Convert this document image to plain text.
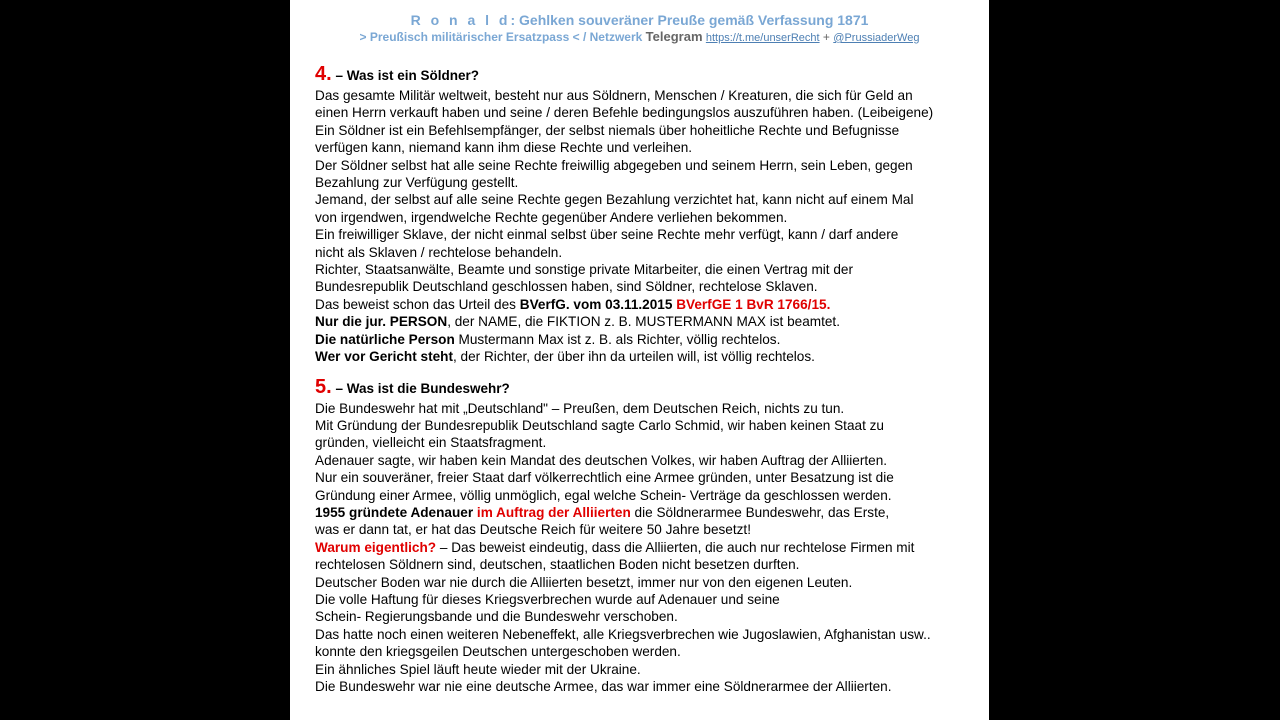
R o n a l d: Gehlken souveräner Preuße gemäß Verfassung 1871
> Preußisch militärischer Ersatzpass < / Netzwerk Telegram https://t.me/unserRecht + @PrussiaderWeg
4. – Was ist ein Söldner?
Das gesamte Militär weltweit, besteht nur aus Söldnern, Menschen / Kreaturen, die sich für Geld an
einen Herrn verkauft haben und seine / deren Befehle bedingungslos auszuführen haben. (Leibeigene)
Ein Söldner ist ein Befehlsempfänger, der selbst niemals über hoheitliche Rechte und Befugnisse
verfügen kann, niemand kann ihm diese Rechte und verleihen.
Der Söldner selbst hat alle seine Rechte freiwillig abgegeben und seinem Herrn, sein Leben, gegen
Bezahlung zur Verfügung gestellt.
Jemand, der selbst auf alle seine Rechte gegen Bezahlung verzichtet hat, kann nicht auf einem Mal
von irgendwen, irgendwelche Rechte gegenüber Andere verliehen bekommen.
Ein freiwilliger Sklave, der nicht einmal selbst über seine Rechte mehr verfügt, kann / darf andere
nicht als Sklaven / rechtelose behandeln.
Richter, Staatsanwälte, Beamte und sonstige private Mitarbeiter, die einen Vertrag mit der
Bundesrepublik Deutschland geschlossen haben, sind Söldner, rechtelose Sklaven.
Das beweist schon das Urteil des BVerfG. vom 03.11.2015 BVerfGE 1 BvR 1766/15.
Nur die jur. PERSON, der NAME, die FIKTION z. B. MUSTERMANN MAX ist beamtet.
Die natürliche Person Mustermann Max ist z. B. als Richter, völlig rechtelos.
Wer vor Gericht steht, der Richter, der über ihn da urteilen will, ist völlig rechtelos.
5. – Was ist die Bundeswehr?
Die Bundeswehr hat mit „Deutschland" – Preußen, dem Deutschen Reich, nichts zu tun.
Mit Gründung der Bundesrepublik Deutschland sagte Carlo Schmid, wir haben keinen Staat zu
gründen, vielleicht ein Staatsfragment.
Adenauer sagte, wir haben kein Mandat des deutschen Volkes, wir haben Auftrag der Alliierten.
Nur ein souveräner, freier Staat darf völkerrechtlich eine Armee gründen, unter Besatzung ist die
Gründung einer Armee, völlig unmöglich, egal welche Schein- Verträge da geschlossen werden.
1955 gründete Adenauer im Auftrag der Alliierten die Söldnerarmee Bundeswehr, das Erste,
was er dann tat, er hat das Deutsche Reich für weitere 50 Jahre besetzt!
Warum eigentlich? – Das beweist eindeutig, dass die Alliierten, die auch nur rechtelose Firmen mit
rechtelosen Söldnern sind, deutschen, staatlichen Boden nicht besetzen durften.
Deutscher Boden war nie durch die Alliierten besetzt, immer nur von den eigenen Leuten.
Die volle Haftung für dieses Kriegsverbrechen wurde auf Adenauer und seine
Schein- Regierungsbande und die Bundeswehr verschoben.
Das hatte noch einen weiteren Nebeneffekt, alle Kriegsverbrechen wie Jugoslawien, Afghanistan usw..
konnte den kriegsgeilen Deutschen untergeschoben werden.
Ein ähnliches Spiel läuft heute wieder mit der Ukraine.
Die Bundeswehr war nie eine deutsche Armee, das war immer eine Söldnerarmee der Alliierten.
